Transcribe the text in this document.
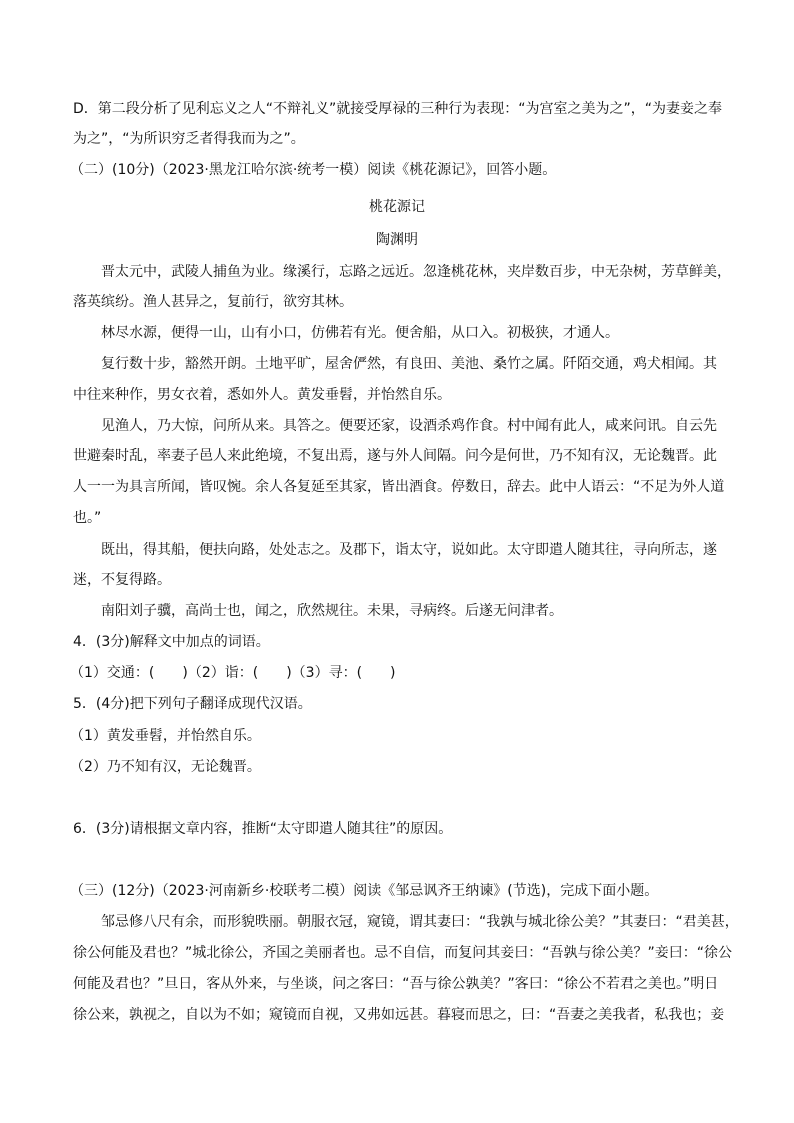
D．第二段分析了见利忘义之人“不辩礼义”就接受厚禄的三种行为表现：“为宫室之美为之”，“为妻妾之奉
为之”，“为所识穷乏者得我而为之”。
（二）(10分)（2023·黑龙江哈尔滨·统考一模）阅读《桃花源记》，回答小题。
桃花源记
陶渊明
晋太元中，武陵人捕鱼为业。缘溪行，忘路之远近。忽逢桃花林，夹岸数百步，中无杂树，芳草鲜美，
落英缤纷。渔人甚异之，复前行，欲穷其林。
林尽水源，便得一山，山有小口，仿佛若有光。便舍船，从口入。初极狭，才通人。
复行数十步，豁然开朗。土地平旷，屋舍俨然，有良田、美池、桑竹之属。阡陌交通，鸡犬相闻。其
中往来种作，男女衣着，悉如外人。黄发垂髫，并怡然自乐。
见渔人，乃大惊，问所从来。具答之。便要还家，设酒杀鸡作食。村中闻有此人，咸来问讯。自云先
世避秦时乱，率妻子邑人来此绝境，不复出焉，遂与外人间隔。问今是何世，乃不知有汉，无论魏晋。此
人一一为具言所闻，皆叹惋。余人各复延至其家，皆出酒食。停数日，辞去。此中人语云：“不足为外人道
也。”
既出，得其船，便扶向路，处处志之。及郡下，诣太守，说如此。太守即遣人随其往，寻向所志，遂
迷，不复得路。
南阳刘子骥，高尚士也，闻之，欣然规往。未果，寻病终。后遂无问津者。
4．(3分)解释文中加点的词语。
（1）交通：(　　)（2）诣：(　　)（3）寻：(　　)
5．(4分)把下列句子翻译成现代汉语。
（1）黄发垂髫，并怡然自乐。
（2）乃不知有汉，无论魏晋。
6．(3分)请根据文章内容，推断“太守即遣人随其往”的原因。
（三）(12分)（2023·河南新乡·校联考二模）阅读《邹忌讽齐王纳谏》(节选)，完成下面小题。
邹忌修八尺有余，而形貌昳丽。朝服衣冠，窥镜，谓其妻曰：“我孰与城北徐公美？”其妻曰：“君美甚，
徐公何能及君也？”城北徐公，齐国之美丽者也。忌不自信，而复问其妾曰：“吾孰与徐公美？”妾曰：“徐公
何能及君也？”旦日，客从外来，与坐谈，问之客曰：“吾与徐公孰美？”客曰：“徐公不若君之美也。”明日
徐公来，孰视之，自以为不如；窥镜而自视，又弗如远甚。暮寝而思之，曰：“吾妻之美我者，私我也；妾
